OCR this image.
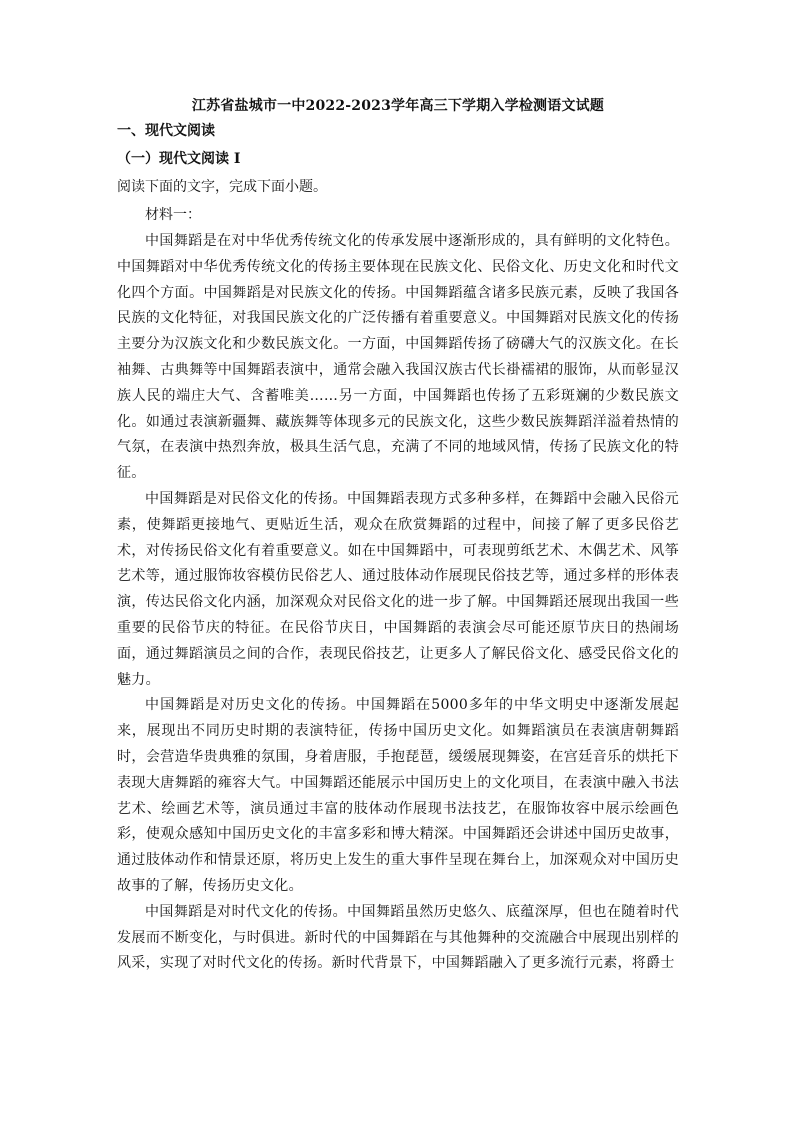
江苏省盐城市一中2022-2023学年高三下学期入学检测语文试题

一、现代文阅读

（一）现代文阅读 I

阅读下面的文字，完成下面小题。

材料一：

中国舞蹈是在对中华优秀传统文化的传承发展中逐渐形成的，具有鲜明的文化特色。中国舞蹈对中华优秀传统文化的传扬主要体现在民族文化、民俗文化、历史文化和时代文化四个方面。中国舞蹈是对民族文化的传扬。中国舞蹈蕴含诸多民族元素，反映了我国各民族的文化特征，对我国民族文化的广泛传播有着重要意义。中国舞蹈对民族文化的传扬主要分为汉族文化和少数民族文化。一方面，中国舞蹈传扬了磅礴大气的汉族文化。在长袖舞、古典舞等中国舞蹈表演中，通常会融入我国汉族古代长褂襦裙的服饰，从而彰显汉族人民的端庄大气、含蓄唯美……另一方面，中国舞蹈也传扬了五彩斑斓的少数民族文化。如通过表演新疆舞、藏族舞等体现多元的民族文化，这些少数民族舞蹈洋溢着热情的气氛，在表演中热烈奔放，极具生活气息，充满了不同的地域风情，传扬了民族文化的特征。

中国舞蹈是对民俗文化的传扬。中国舞蹈表现方式多种多样，在舞蹈中会融入民俗元素，使舞蹈更接地气、更贴近生活，观众在欣赏舞蹈的过程中，间接了解了更多民俗艺术，对传扬民俗文化有着重要意义。如在中国舞蹈中，可表现剪纸艺术、木偶艺术、风筝艺术等，通过服饰妆容模仿民俗艺人、通过肢体动作展现民俗技艺等，通过多样的形体表演，传达民俗文化内涵，加深观众对民俗文化的进一步了解。中国舞蹈还展现出我国一些重要的民俗节庆的特征。在民俗节庆日，中国舞蹈的表演会尽可能还原节庆日的热闹场面，通过舞蹈演员之间的合作，表现民俗技艺，让更多人了解民俗文化、感受民俗文化的魅力。

中国舞蹈是对历史文化的传扬。中国舞蹈在5000多年的中华文明史中逐渐发展起来，展现出不同历史时期的表演特征，传扬中国历史文化。如舞蹈演员在表演唐朝舞蹈时，会营造华贵典雅的氛围，身着唐服，手抱琵琶，缓缓展现舞姿，在宫廷音乐的烘托下表现大唐舞蹈的雍容大气。中国舞蹈还能展示中国历史上的文化项目，在表演中融入书法艺术、绘画艺术等，演员通过丰富的肢体动作展现书法技艺，在服饰妆容中展示绘画色彩，使观众感知中国历史文化的丰富多彩和博大精深。中国舞蹈还会讲述中国历史故事，通过肢体动作和情景还原，将历史上发生的重大事件呈现在舞台上，加深观众对中国历史故事的了解，传扬历史文化。

中国舞蹈是对时代文化的传扬。中国舞蹈虽然历史悠久、底蕴深厚，但也在随着时代发展而不断变化，与时俱进。新时代的中国舞蹈在与其他舞种的交流融合中展现出别样的风采，实现了对时代文化的传扬。新时代背景下，中国舞蹈融入了更多流行元素，将爵士
